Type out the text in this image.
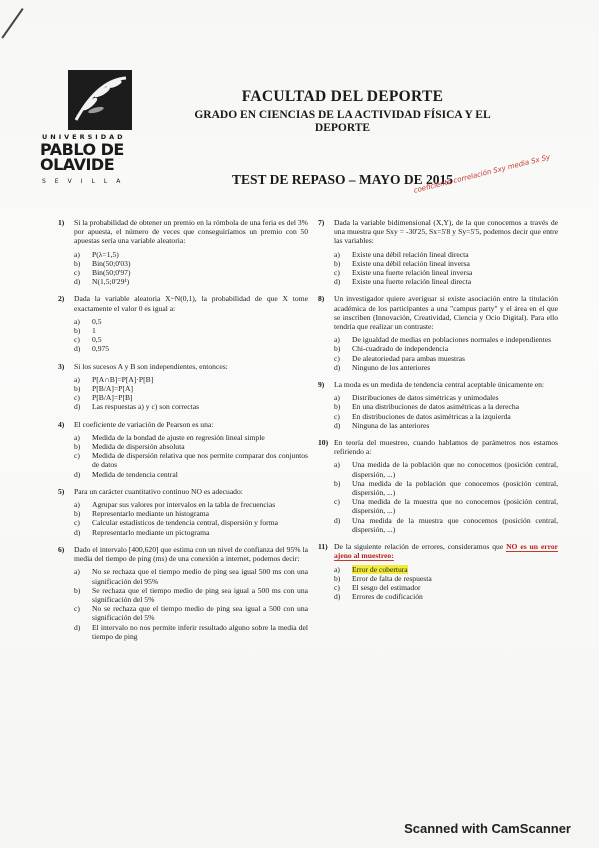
UNIVERSIDAD
PABLO DE
OLAVIDE
SEVILLA
FACULTAD DEL DEPORTE
GRADO EN CIENCIAS DE LA ACTIVIDAD FÍSICA Y EL DEPORTE
TEST DE REPASO – MAYO DE 2015
coeficiente correlación Sxy media Sx Sy
1)	Si la probabilidad de obtener un premio en la rómbola de una feria es del 3% por apuesta, el número de veces que conseguiríamos un premio con 50 apuestas sería una variable aleatoria:
a)	P(λ=1,5)
b)	Bin(50;0'03)
c)	Bin(50;0'97)
d)	N(1,5;0'29¹)
2)	Dada la variable aleatoria X~N(0,1), la probabilidad de que X tome exactamente el valor 0 es igual a:
a)	0,5
b)	1
c)	0,5
d)	0,975
3)	Si los sucesos A y B son independientes, entonces:
a)	P[A∩B]=P[A]·P[B]
b)	P[B/A]=P[A]
c)	P[B/A]=P[B]
d)	Las respuestas a) y c) son correctas
4)	El coeficiente de variación de Pearson es una:
a)	Medida de la bondad de ajuste en regresión lineal simple
b)	Medida de dispersión absoluta
c)	Medida de dispersión relativa que nos permite comparar dos conjuntos de datos
d)	Medida de tendencia central
5)	Para un carácter cuantitativo continuo NO es adecuado:
a)	Agrupar sus valores por intervalos en la tabla de frecuencias
b)	Representarlo mediante un histograma
c)	Calcular estadísticos de tendencia central, dispersión y forma
d)	Representarlo mediante un pictograma
6)	Dado el intervalo [400,620] que estima con un nivel de confianza del 95% la media del tiempo de ping (ms) de una conexión a internet, podemos decir:
a)	No se rechaza que el tiempo medio de ping sea igual 500 ms con una significación del 95%
b)	Se rechaza que el tiempo medio de ping sea igual a 500 ms con una significación del 5%
c)	No se rechaza que el tiempo medio de ping sea igual a 500 con una significación del 5%
d)	El intervalo no nos permite inferir resultado alguno sobre la media del tiempo de ping
7)	Dada la variable bidimensional (X,Y), de la que conocemos a través de una muestra que Sxy = -30'25, Sx=5'8 y Sy=5'5, podemos decir que entre las variables:
a)	Existe una débil relación lineal directa
b)	Existe una débil relación lineal inversa
c)	Existe una fuerte relación lineal inversa
d)	Existe una fuerte relación lineal directa
8)	Un investigador quiere averiguar si existe asociación entre la titulación académica de los participantes a una "campus party" y el área en el que se inscriben (Innovación, Creatividad, Ciencia y Ocio Digital). Para ello tendría que realizar un contraste:
a)	De igualdad de medias en poblaciones normales e independientes
b)	Chi-cuadrado de independencia
c)	De aleatoriedad para ambas muestras
d)	Ninguno de los anteriores
9)	La moda es un medida de tendencia central aceptable únicamente en:
a)	Distribuciones de datos simétricas y unimodales
b)	En una distribuciones de datos asimétricas a la derecha
c)	En distribuciones de datos asimétricas a la izquierda
d)	Ninguna de las anteriores
10) En teoría del muestreo, cuando hablamos de parámetros nos estamos refiriendo a:
a)	Una medida de la población que no conocemos (posición central, dispersión, ...)
b)	Una medida de la población que conocemos (posición central, dispersión, ...)
c)	Una medida de la muestra que no conocemos (posición central, dispersión, ...)
d)	Una medida de la muestra que conocemos (posición central, dispersión, ...)
11) De la siguiente relación de errores, consideramos que NO es un error ajeno al muestreo:
a)	Error de cobertura
b)	Error de falta de respuesta
c)	El sesgo del estimador
d)	Errores de codificación
Scanned with CamScanner
